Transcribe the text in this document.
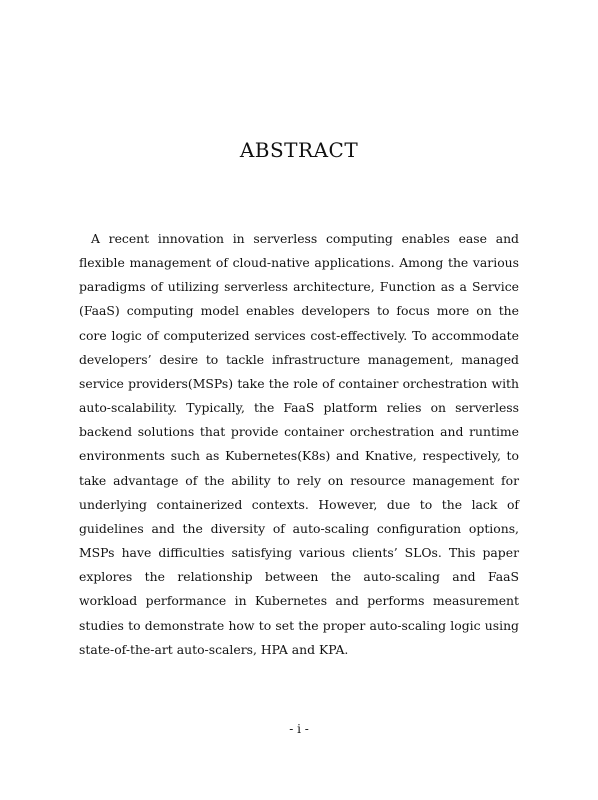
ABSTRACT

A recent innovation in serverless computing enables ease and flexible management of cloud-native applications. Among the various paradigms of utilizing serverless architecture, Function as a Service (FaaS) computing model enables developers to focus more on the core logic of computerized services cost-effectively. To accommodate developers’ desire to tackle infrastructure management, managed service providers(MSPs) take the role of container orchestration with auto-scalability. Typically, the FaaS platform relies on serverless backend solutions that provide container orchestration and runtime environments such as Kubernetes(K8s) and Knative, respectively, to take advantage of the ability to rely on resource management for underlying containerized contexts. However, due to the lack of guidelines and the diversity of auto-scaling configuration options, MSPs have difficulties satisfying various clients’ SLOs. This paper explores the relationship between the auto-scaling and FaaS workload performance in Kubernetes and performs measurement studies to demonstrate how to set the proper auto-scaling logic using state-of-the-art auto-scalers, HPA and KPA.

- i -
